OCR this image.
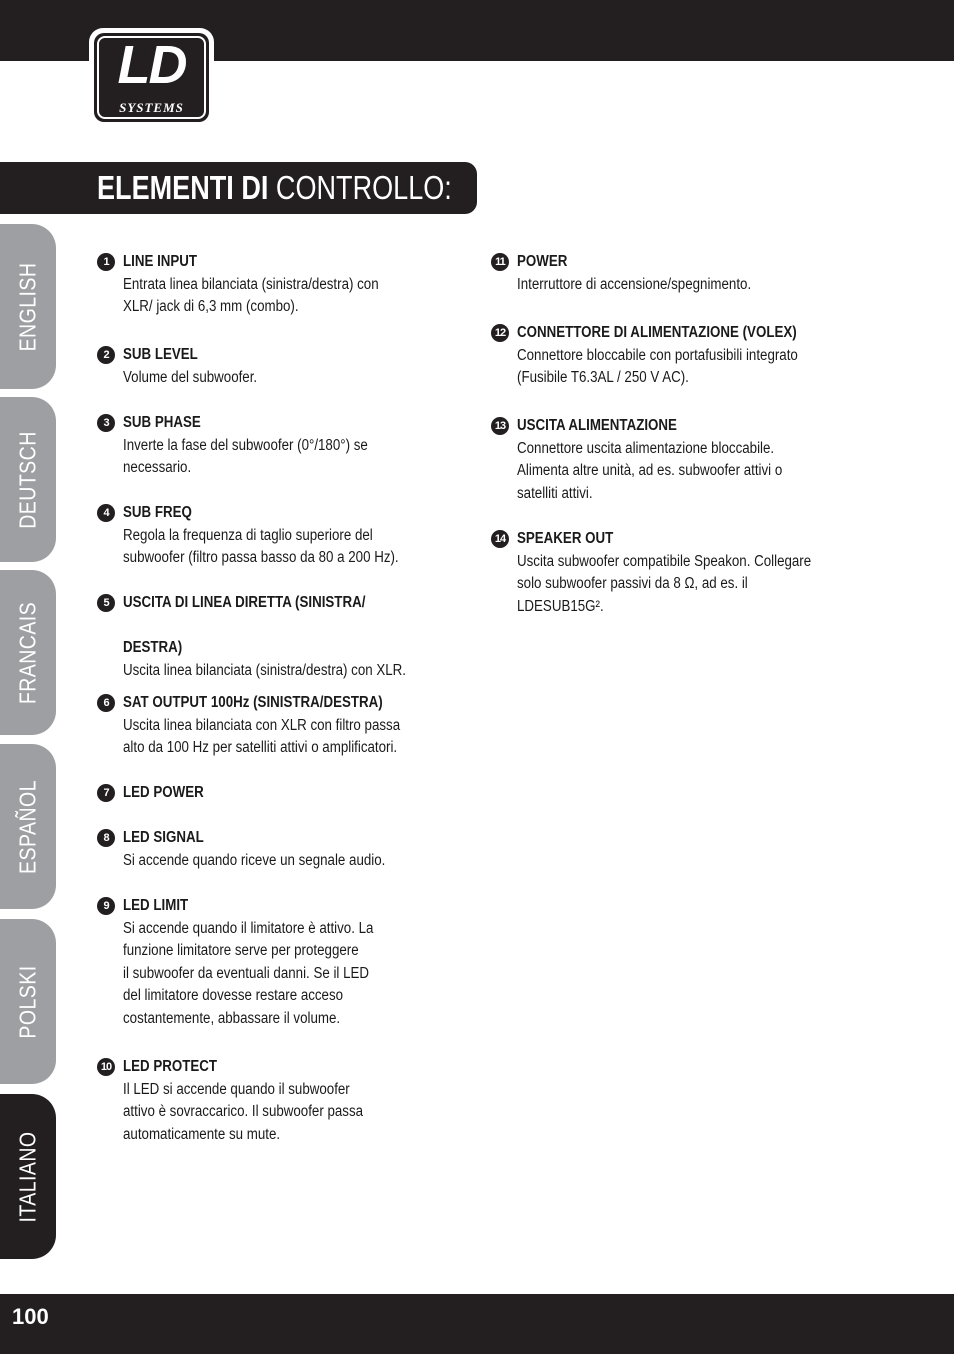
LD
SYSTEMS
ELEMENTI DI CONTROLLO:
ENGLISH
DEUTSCH
FRANCAIS
ESPAÑOL
POLSKI
ITALIANO
1 LINE INPUT
Entrata linea bilanciata (sinistra/destra) con
XLR/ jack di 6,3 mm (combo).
2 SUB LEVEL
Volume del subwoofer.
3 SUB PHASE
Inverte la fase del subwoofer (0°/180°) se
necessario.
4 SUB FREQ
Regola la frequenza di taglio superiore del
subwoofer (filtro passa basso da 80 a 200 Hz).
5 USCITA DI LINEA DIRETTA (SINISTRA/

DESTRA)
Uscita linea bilanciata (sinistra/destra) con XLR.
6 SAT OUTPUT 100Hz (SINISTRA/DESTRA)
Uscita linea bilanciata con XLR con filtro passa
alto da 100 Hz per satelliti attivi o amplificatori.
7 LED POWER
8 LED SIGNAL
Si accende quando riceve un segnale audio.
9 LED LIMIT
Si accende quando il limitatore è attivo. La
funzione limitatore serve per proteggere
il subwoofer da eventuali danni. Se il LED
del limitatore dovesse restare acceso
costantemente, abbassare il volume.
10 LED PROTECT
Il LED si accende quando il subwoofer
attivo è sovraccarico. Il subwoofer passa
automaticamente su mute.
11 POWER
Interruttore di accensione/spegnimento.
12 CONNETTORE DI ALIMENTAZIONE (VOLEX)
Connettore bloccabile con portafusibili integrato
(Fusibile T6.3AL / 250 V AC).
13 USCITA ALIMENTAZIONE
Connettore uscita alimentazione bloccabile.
Alimenta altre unità, ad es. subwoofer attivi o
satelliti attivi.
14 SPEAKER OUT
Uscita subwoofer compatibile Speakon. Collegare
solo subwoofer passivi da 8 Ω, ad es. il
LDESUB15G².
100
